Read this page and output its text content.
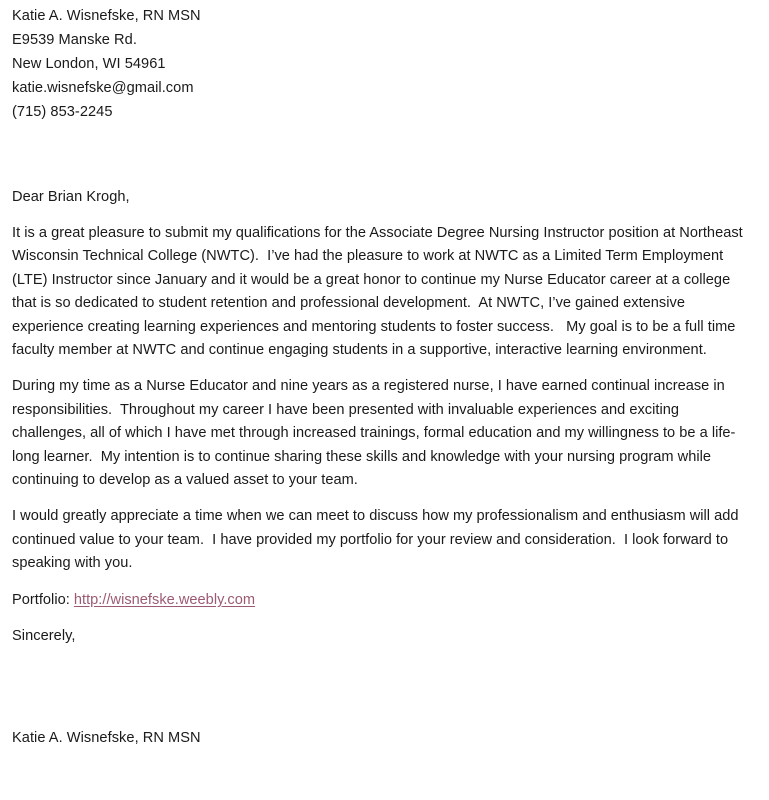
Katie A. Wisnefske, RN MSN
E9539 Manske Rd.
New London, WI 54961
katie.wisnefske@gmail.com
(715) 853-2245
Dear Brian Krogh,

It is a great pleasure to submit my qualifications for the Associate Degree Nursing Instructor position at Northeast Wisconsin Technical College (NWTC).  I’ve had the pleasure to work at NWTC as a Limited Term Employment (LTE) Instructor since January and it would be a great honor to continue my Nurse Educator career at a college that is so dedicated to student retention and professional development.  At NWTC, I’ve gained extensive experience creating learning experiences and mentoring students to foster success.   My goal is to be a full time faculty member at NWTC and continue engaging students in a supportive, interactive learning environment.

During my time as a Nurse Educator and nine years as a registered nurse, I have earned continual increase in responsibilities.  Throughout my career I have been presented with invaluable experiences and exciting challenges, all of which I have met through increased trainings, formal education and my willingness to be a life-long learner.  My intention is to continue sharing these skills and knowledge with your nursing program while continuing to develop as a valued asset to your team.

I would greatly appreciate a time when we can meet to discuss how my professionalism and enthusiasm will add continued value to your team.  I have provided my portfolio for your review and consideration.  I look forward to speaking with you.

Portfolio: http://wisnefske.weebly.com
Sincerely,
Katie A. Wisnefske, RN MSN
